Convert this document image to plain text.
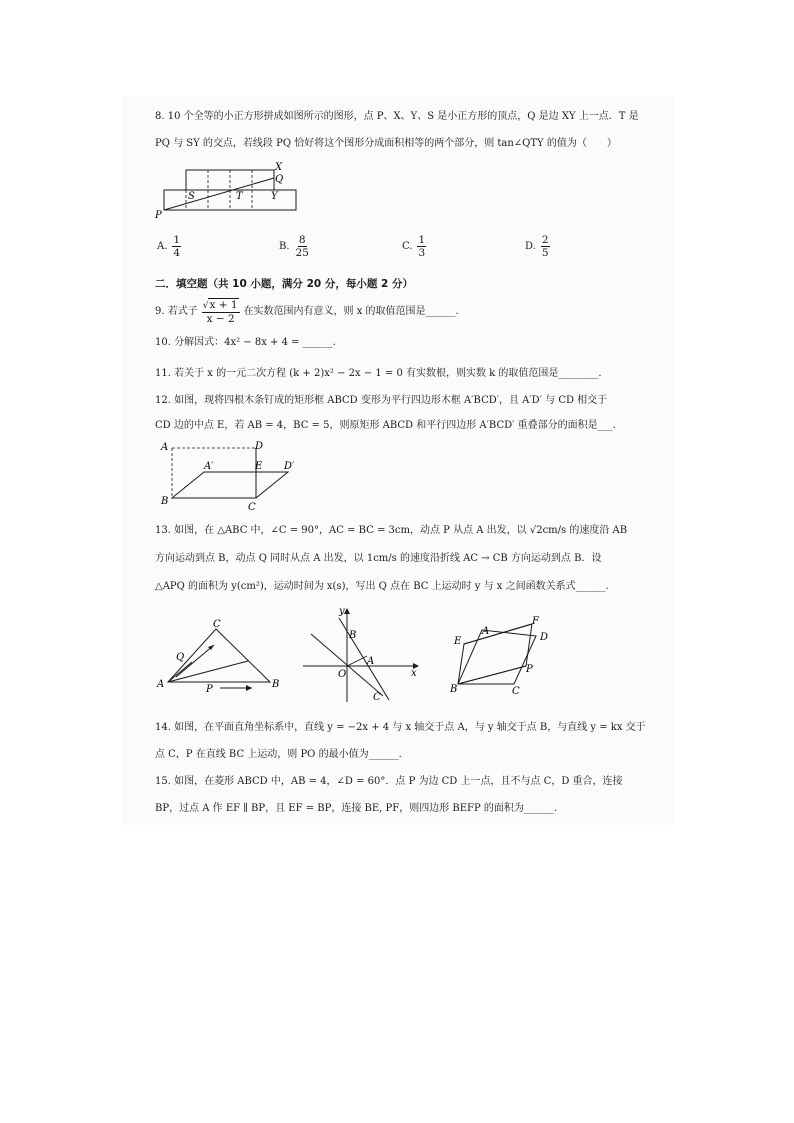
8. 10 个全等的小正方形拼成如图所示的图形，点 P、X、Y、S 是小正方形的顶点，Q 是边 XY 上一点．T 是
PQ 与 SY 的交点，若线段 PQ 恰好将这个图形分成面积相等的两个部分，则 tan∠QTY 的值为（　　）
X
Q
S	T	Y
P
A. $\frac{1}{4}$	B. $\frac{8}{25}$	C. $\frac{1}{3}$	D. $\frac{2}{5}$
二．填空题（共 10 小题，满分 20 分，每小题 2 分）
9. 若式子 $\frac{√x + 1}{x - 2}$ 在实数范围内有意义，则 x 的取值范围是______.
10. 分解因式：4x² − 8x + 4 = ______.
11. 若关于 x 的一元二次方程 (k + 2)x² − 2x − 1 = 0 有实数根，则实数 k 的取值范围是________.
12. 如图，现将四根木条钉成的矩形框 ABCD 变形为平行四边形木框 A′BCD′，且 A′D′ 与 CD 相交于
CD 边的中点 E，若 AB = 4，BC = 5，则原矩形 ABCD 和平行四边形 A′BCD′ 重叠部分的面积是___.
A	D
A′	E D′
B
C
13. 如图，在 △ABC 中，∠C = 90°，AC = BC = 3cm，动点 P 从点 A 出发，以 √2cm/s 的速度沿 AB
方向运动到点 B，动点 Q 同时从点 A 出发，以 1cm/s 的速度沿折线 AC → CB 方向运动到点 B．设
△APQ 的面积为 y(cm²)，运动时间为 x(s)，写出 Q 点在 BC 上运动时 y 与 x 之间函数关系式______.
C
Q
A	P	B
y
B
A
O	x
C
E
A
F
D
P
B	C
14. 如图，在平面直角坐标系中，直线 y = −2x + 4 与 x 轴交于点 A，与 y 轴交于点 B，与直线 y = kx 交于
点 C，P 在直线 BC 上运动，则 PO 的最小值为______.
15. 如图，在菱形 ABCD 中，AB = 4，∠D = 60°．点 P 为边 CD 上一点，且不与点 C，D 重合，连接
BP，过点 A 作 EF ∥ BP，且 EF = BP，连接 BE, PF，则四边形 BEFP 的面积为______.
